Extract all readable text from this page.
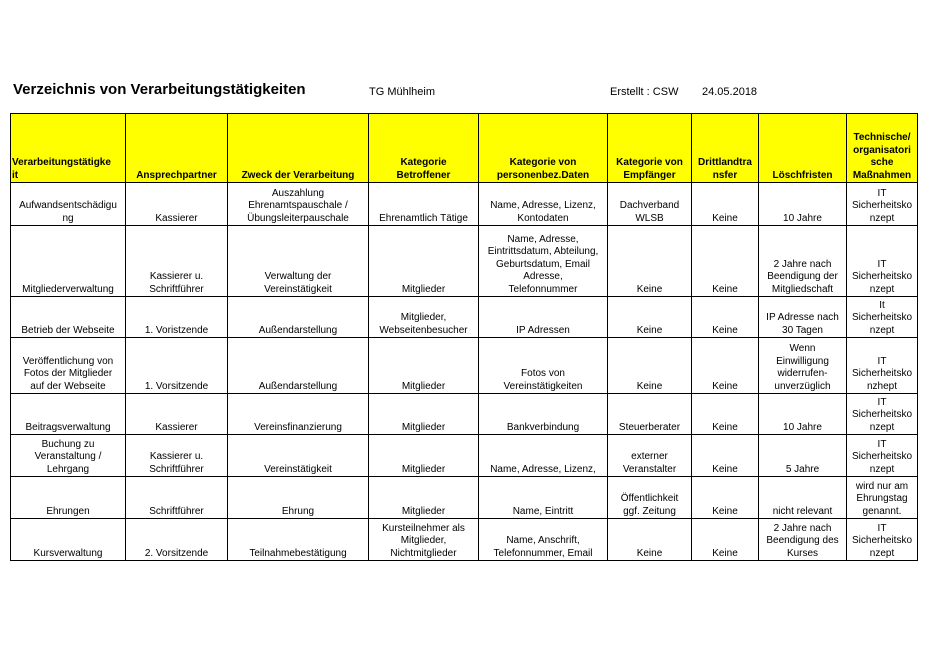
Verzeichnis von Verarbeitungstätigkeiten	TG Mühlheim	Erstellt : CSW 24.05.2018
Verarbeitungstätigke
it	Ansprechpartner	Zweck der Verarbeitung	Kategorie
Betroffener	Kategorie von
personenbez.Daten	Kategorie von
Empfänger	Drittlandtra
nsfer	Löschfristen	Technische/
organisatori
sche
Maßnahmen

Aufwandsentschädigu
ng	Kassierer	Auszahlung
Ehrenamtspauschale /
Übungsleiterpauschale	Ehrenamtlich Tätige	Name, Adresse, Lizenz,
Kontodaten	Dachverband
WLSB	Keine	10 Jahre	IT
Sicherheitsko
nzept

Mitgliederverwaltung	Kassierer u.
Schriftführer	Verwaltung der
Vereinstätigkeit	Mitglieder	Name, Adresse,
Eintrittsdatum, Abteilung,
Geburtsdatum, Email
Adresse,
Telefonnummer	Keine	Keine	2 Jahre nach
Beendigung der
Mitgliedschaft	IT
Sicherheitsko
nzept

Betrieb der Webseite	1. Voristzende	Außendarstellung	Mitglieder,
Webseitenbesucher	IP Adressen	Keine	Keine	IP Adresse nach
30 Tagen	It
Sicherheitsko
nzept

Veröffentlichung von
Fotos der Mitglieder
auf der Webseite	1. Vorsitzende	Außendarstellung	Mitglieder	Fotos von
Vereinstätigkeiten	Keine	Keine	Wenn
Einwilligung
widerrufen-
unverzüglich	IT
Sicherheitsko
nzhept

Beitragsverwaltung	Kassierer	Vereinsfinanzierung	Mitglieder	Bankverbindung	Steuerberater	Keine	10 Jahre	IT
Sicherheitsko
nzept

Buchung zu
Veranstaltung /
Lehrgang	Kassierer u.
Schriftführer	Vereinstätigkeit	Mitglieder	Name, Adresse, Lizenz,	externer
Veranstalter	Keine	5 Jahre	IT
Sicherheitsko
nzept

Ehrungen	Schriftführer	Ehrung	Mitglieder	Name, Eintritt	Öffentlichkeit
ggf. Zeitung	Keine	nicht relevant	wird nur am
Ehrungstag
genannt.

Kursverwaltung	2. Vorsitzende	Teilnahmebestätigung	Kursteilnehmer als
Mitglieder,
Nichtmitglieder	Name, Anschrift,
Telefonnummer, Email	Keine	Keine	2 Jahre nach
Beendigung des
Kurses	IT
Sicherheitsko
nzept
